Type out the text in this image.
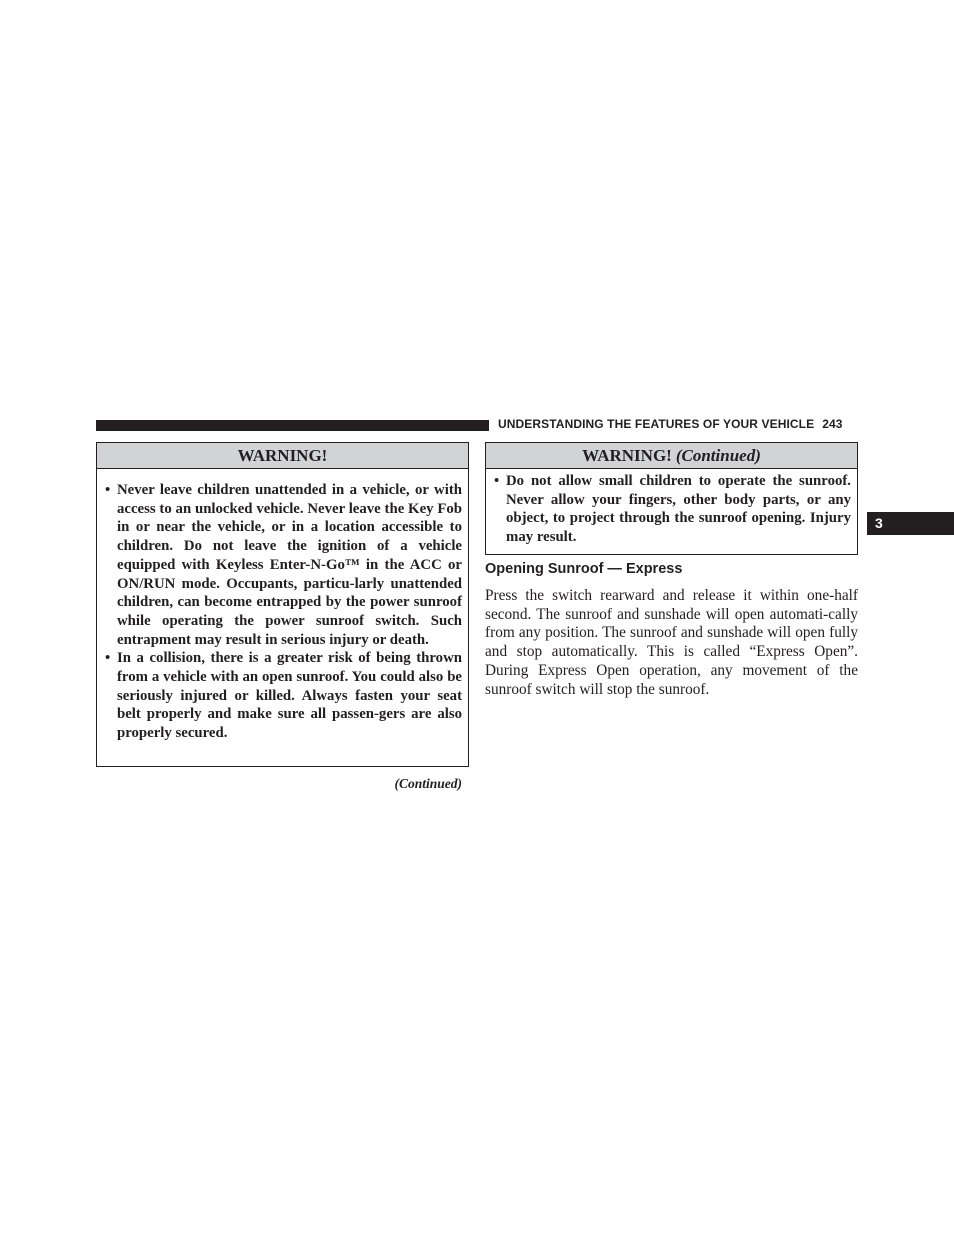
UNDERSTANDING THE FEATURES OF YOUR VEHICLE 243
3
WARNING!
• Never leave children unattended in a vehicle, or with access to an unlocked vehicle. Never leave the Key Fob in or near the vehicle, or in a location accessible to children. Do not leave the ignition of a vehicle equipped with Keyless Enter-N-Go™ in the ACC or ON/RUN mode. Occupants, particu-larly unattended children, can become entrapped by the power sunroof while operating the power sunroof switch. Such entrapment may result in serious injury or death.
• In a collision, there is a greater risk of being thrown from a vehicle with an open sunroof. You could also be seriously injured or killed. Always fasten your seat belt properly and make sure all passen-gers are also properly secured.
(Continued)
WARNING! (Continued)
• Do not allow small children to operate the sunroof. Never allow your fingers, other body parts, or any object, to project through the sunroof opening. Injury may result.
Opening Sunroof — Express
Press the switch rearward and release it within one-half second. The sunroof and sunshade will open automati-cally from any position. The sunroof and sunshade will open fully and stop automatically. This is called “Express Open”. During Express Open operation, any movement of the sunroof switch will stop the sunroof.
